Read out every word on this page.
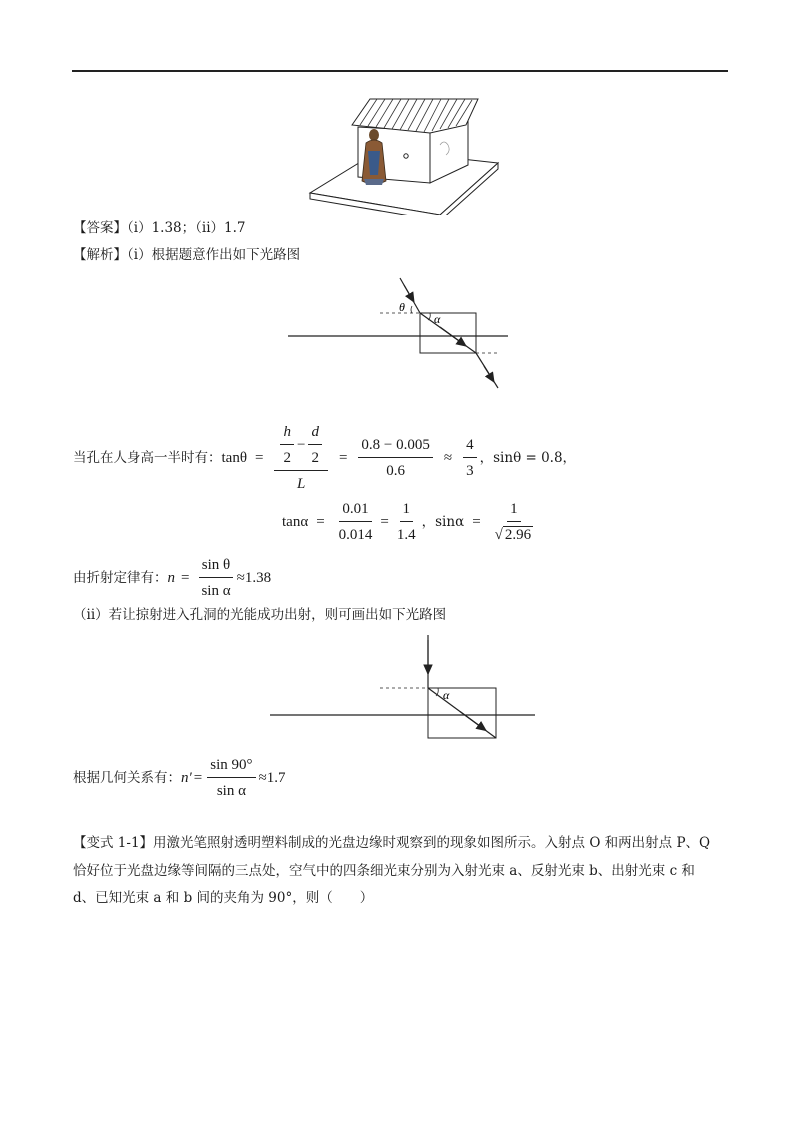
【答案】（i）1.38；（ii）1.7
【解析】（i）根据题意作出如下光路图
θ
α
当孔在人身高一半时有： $\tan\theta = \frac{\frac{h}{2} - \frac{d}{2}}{L} = \frac{0.8 - 0.005}{0.6} \approx \frac{4}{3}$ ，sinθ = 0.8，
$\tan\alpha = \frac{0.01}{0.014} = \frac{1}{1.4}$ ，$\sin\alpha = \frac{1}{√ 2.96}$
由折射定律有： $n = \frac{\text{sin θ}}{\text{sin α}} \approx 1.38$
（ii）若让掠射进入孔洞的光能成功出射，则可画出如下光路图
α
根据几何关系有： $n' = \frac{\sin 90^\circ}{\text{sin α}} \approx 1.7$
【变式 1-1】用激光笔照射透明塑料制成的光盘边缘时观察到的现象如图所示。入射点 O 和两出射点 P、Q
恰好位于光盘边缘等间隔的三点处，空气中的四条细光束分别为入射光束 a、反射光束 b、出射光束 c 和
d、已知光束 a 和 b 间的夹角为 90°，则（　　）
